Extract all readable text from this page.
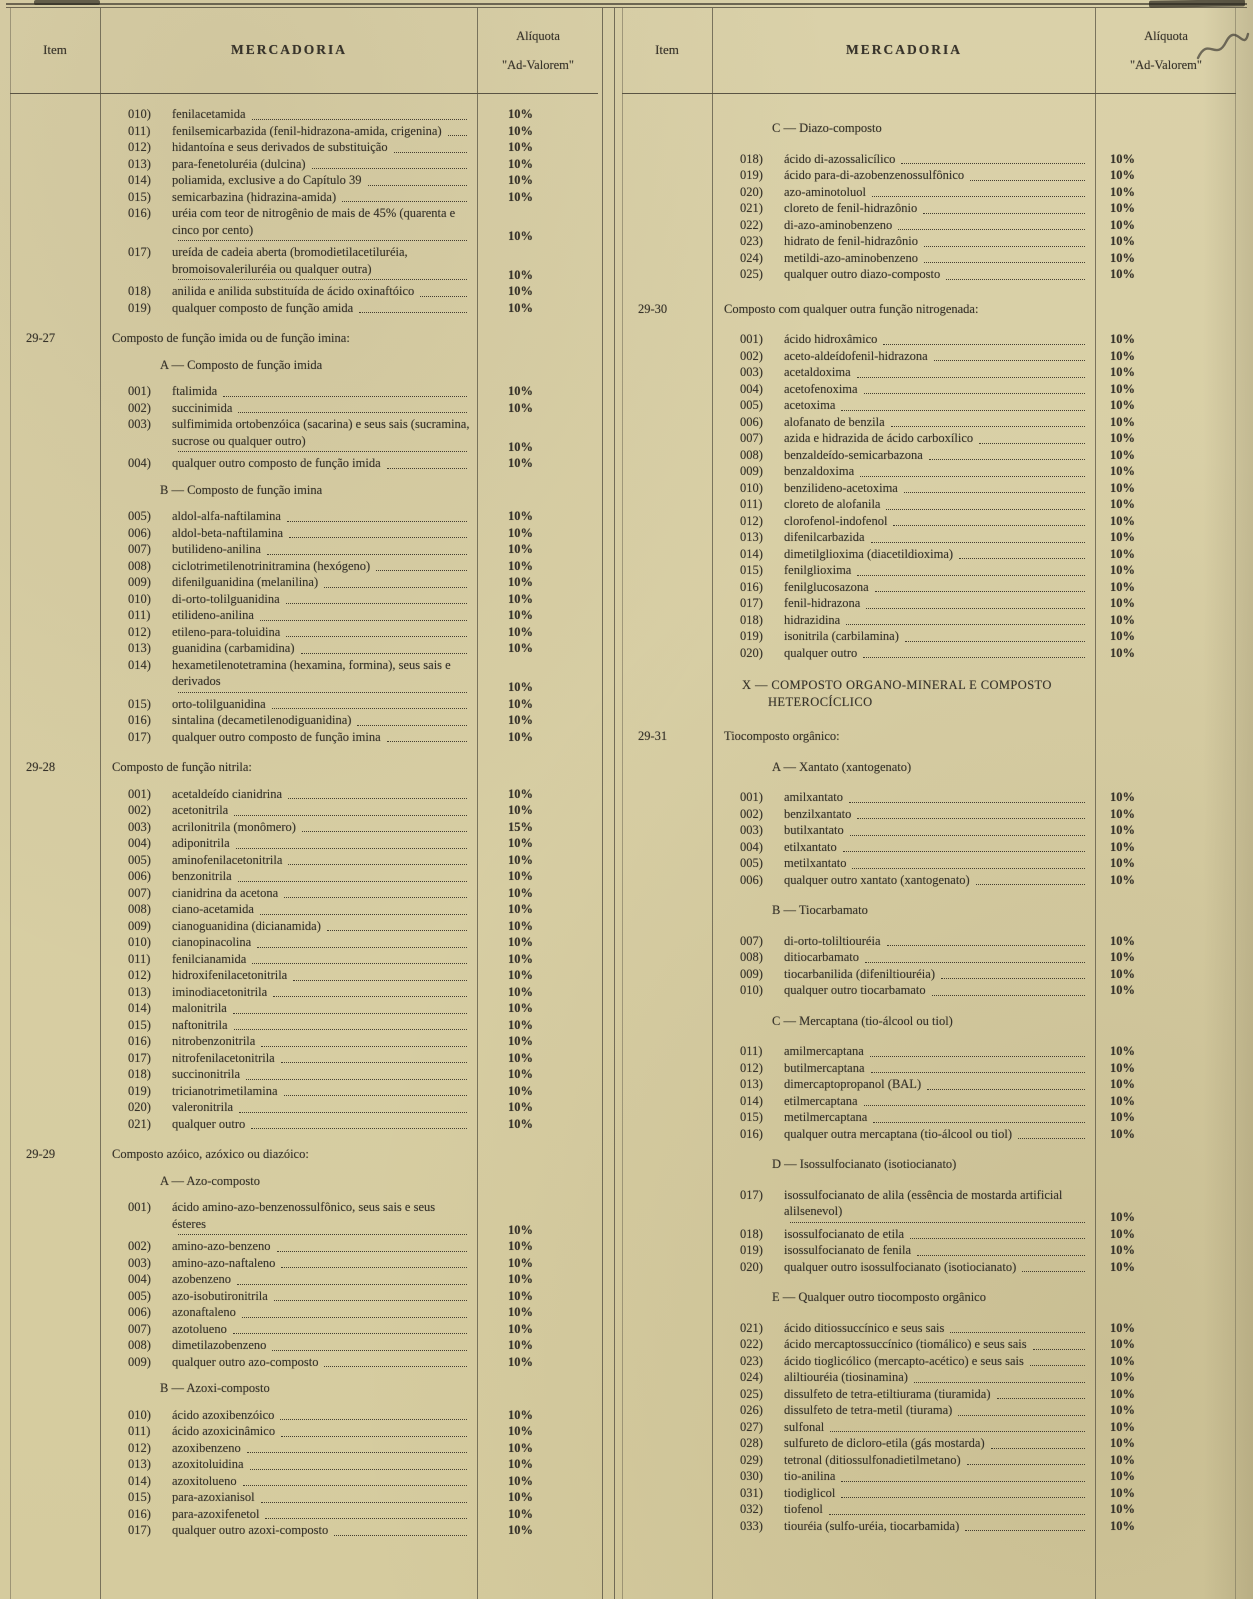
Item	MERCADORIA
Alíquota
"Ad-Valorem"
010)	fenilacetamida	10%
011)	fenilsemicarbazida (fenil-hidrazona-amida, crigenina)	10%
012)	hidantoína e seus derivados de substituição	10%
013)	para-fenetoluréia (dulcina)	10%
014)	poliamida, exclusive a do Capítulo 39	10%
015)	semicarbazina (hidrazina-amida)	10%
016)	uréia com teor de nitrogênio de mais de 45% (quarenta e cinco por cento)	10%
017)	ureída de cadeia aberta (bromodietilacetiluréia, bromoisovaleriluréia ou qualquer outra)	10%
018)	anilida e anilida substituída de ácido oxinaftóico	10%
019)	qualquer composto de função amida	10%
29-27	Composto de função imida ou de função imina:
A — Composto de função imida
001)	ftalimida	10%
002)	succinimida	10%
003)	sulfimimida ortobenzóica (sacarina) e seus sais (sucramina, sucrose ou qualquer outro)	10%
004)	qualquer outro composto de função imida	10%
B — Composto de função imina
005)	aldol-alfa-naftilamina	10%
006)	aldol-beta-naftilamina	10%
007)	butilideno-anilina	10%
008)	ciclotrimetilenotrinitramina (hexógeno)	10%
009)	difenilguanidina (melanilina)	10%
010)	di-orto-tolilguanidina	10%
011)	etilideno-anilina	10%
012)	etileno-para-toluidina	10%
013)	guanidina (carbamidina)	10%
014)	hexametilenotetramina (hexamina, formina), seus sais e derivados	10%
015)	orto-tolilguanidina	10%
016)	sintalina (decametilenodiguanidina)	10%
017)	qualquer outro composto de função imina	10%
29-28	Composto de função nitrila:
001)	acetaldeído cianidrina	10%
002)	acetonitrila	10%
003)	acrilonitrila (monômero)	15%
004)	adiponitrila	10%
005)	aminofenilacetonitrila	10%
006)	benzonitrila	10%
007)	cianidrina da acetona	10%
008)	ciano-acetamida	10%
009)	cianoguanidina (dicianamida)	10%
010)	cianopinacolina	10%
011)	fenilcianamida	10%
012)	hidroxifenilacetonitrila	10%
013)	iminodiacetonitrila	10%
014)	malonitrila	10%
015)	naftonitrila	10%
016)	nitrobenzonitrila	10%
017)	nitrofenilacetonitrila	10%
018)	succinonitrila	10%
019)	tricianotrimetilamina	10%
020)	valeronitrila	10%
021)	qualquer outro	10%
29-29	Composto azóico, azóxico ou diazóico:
A — Azo-composto
001)	ácido amino-azo-benzenossulfônico, seus sais e seus ésteres	10%
002)	amino-azo-benzeno	10%
003)	amino-azo-naftaleno	10%
004)	azobenzeno	10%
005)	azo-isobutironitrila	10%
006)	azonaftaleno	10%
007)	azotolueno	10%
008)	dimetilazobenzeno	10%
009)	qualquer outro azo-composto	10%
B — Azoxi-composto
010)	ácido azoxibenzóico	10%
011)	ácido azoxicinâmico	10%
012)	azoxibenzeno	10%
013)	azoxitoluidina	10%
014)	azoxitolueno	10%
015)	para-azoxianisol	10%
016)	para-azoxifenetol	10%
017)	qualquer outro azoxi-composto	10%
Item	MERCADORIA
Alíquota
"Ad-Valorem"
C — Diazo-composto
018)	ácido di-azossalicílico	10%
019)	ácido para-di-azobenzenossulfônico	10%
020)	azo-aminotoluol	10%
021)	cloreto de fenil-hidrazônio	10%
022)	di-azo-aminobenzeno	10%
023)	hidrato de fenil-hidrazônio	10%
024)	metildi-azo-aminobenzeno	10%
025)	qualquer outro diazo-composto	10%
29-30	Composto com qualquer outra função nitrogenada:
001)	ácido hidroxâmico	10%
002)	aceto-aldeídofenil-hidrazona	10%
003)	acetaldoxima	10%
004)	acetofenoxima	10%
005)	acetoxima	10%
006)	alofanato de benzila	10%
007)	azida e hidrazida de ácido carboxílico	10%
008)	benzaldeído-semicarbazona	10%
009)	benzaldoxima	10%
010)	benzilideno-acetoxima	10%
011)	cloreto de alofanila	10%
012)	clorofenol-indofenol	10%
013)	difenilcarbazida	10%
014)	dimetilglioxima (diacetildioxima)	10%
015)	fenilglioxima	10%
016)	fenilglucosazona	10%
017)	fenil-hidrazona	10%
018)	hidrazidina	10%
019)	isonitrila (carbilamina)	10%
020)	qualquer outro	10%
X — COMPOSTO ORGANO-MINERAL E COMPOSTO HETEROCÍCLICO
29-31	Tiocomposto orgânico:
A — Xantato (xantogenato)
001)	amilxantato	10%
002)	benzilxantato	10%
003)	butilxantato	10%
004)	etilxantato	10%
005)	metilxantato	10%
006)	qualquer outro xantato (xantogenato)	10%
B — Tiocarbamato
007)	di-orto-toliltiouréia	10%
008)	ditiocarbamato	10%
009)	tiocarbanilida (difeniltiouréia)	10%
010)	qualquer outro tiocarbamato	10%
C — Mercaptana (tio-álcool ou tiol)
011)	amilmercaptana	10%
012)	butilmercaptana	10%
013)	dimercaptopropanol (BAL)	10%
014)	etilmercaptana	10%
015)	metilmercaptana	10%
016)	qualquer outra mercaptana (tio-álcool ou tiol)	10%
D — Isossulfocianato (isotiocianato)
017)	isossulfocianato de alila (essência de mostarda artificial alilsenevol)	10%
018)	isossulfocianato de etila	10%
019)	isossulfocianato de fenila	10%
020)	qualquer outro isossulfocianato (isotiocianato)	10%
E — Qualquer outro tiocomposto orgânico
021)	ácido ditiossuccínico e seus sais	10%
022)	ácido mercaptossuccínico (tiomálico) e seus sais	10%
023)	ácido tioglicólico (mercapto-acético) e seus sais	10%
024)	aliltiouréia (tiosinamina)	10%
025)	dissulfeto de tetra-etiltiurama (tiuramida)	10%
026)	dissulfeto de tetra-metil (tiurama)	10%
027)	sulfonal	10%
028)	sulfureto de dicloro-etila (gás mostarda)	10%
029)	tetronal (ditiossulfonadietilmetano)	10%
030)	tio-anilina	10%
031)	tiodiglicol	10%
032)	tiofenol	10%
033)	tiouréia (sulfo-uréia, tiocarbamida)	10%
